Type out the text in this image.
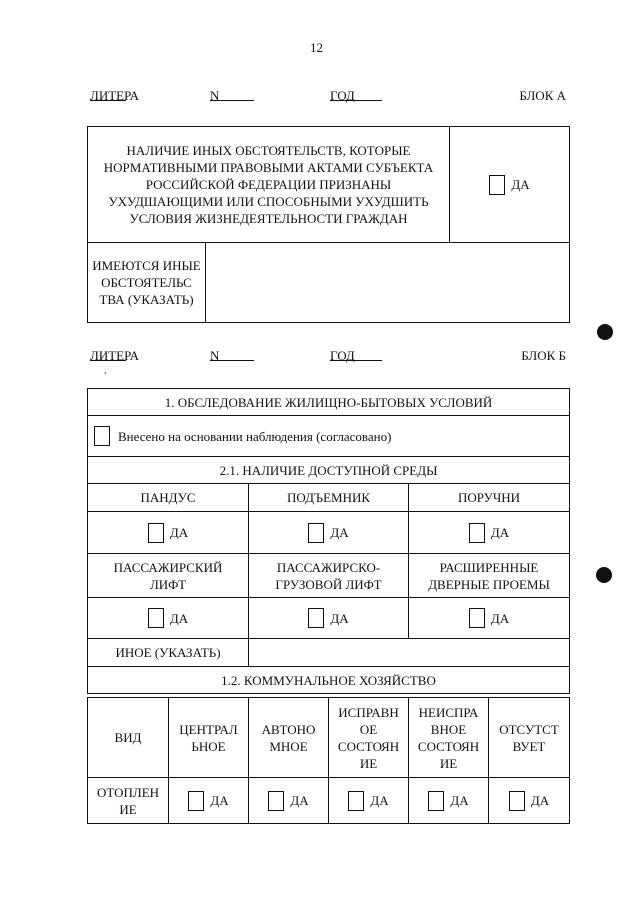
12
ЛИТЕРА	N	ГОД	БЛОК А
НАЛИЧИЕ ИНЫХ ОБСТОЯТЕЛЬСТВ, КОТОРЫЕ НОРМАТИВНЫМИ ПРАВОВЫМИ АКТАМИ СУБЪЕКТА РОССИЙСКОЙ ФЕДЕРАЦИИ ПРИЗНАНЫ УХУДШАЮЩИМИ ИЛИ СПОСОБНЫМИ УХУДШИТЬ УСЛОВИЯ ЖИЗНЕДЕЯТЕЛЬНОСТИ ГРАЖДАН		ДА
ИМЕЮТСЯ ИНЫЕ ОБСТОЯТЕЛЬС ТВА (УКАЗАТЬ)		
ЛИТЕРА	N	ГОД	БЛОК Б
,
1. ОБСЛЕДОВАНИЕ ЖИЛИЩНО-БЫТОВЫХ УСЛОВИЙ		
Внесено на основании наблюдения (согласовано)		
2.1. НАЛИЧИЕ ДОСТУПНОЙ СРЕДЫ		
ПАНДУС	ПОДЪЕМНИК	ПОРУЧНИ
ДА	ДА	ДА
ПАССАЖИРСКИЙ ЛИФТ	ПАССАЖИРСКО- ГРУЗОВОЙ ЛИФТ	РАСШИРЕННЫЕ ДВЕРНЫЕ ПРОЕМЫ
ДА	ДА	ДА
ИНОЕ (УКАЗАТЬ)		
1.2. КОММУНАЛЬНОЕ ХОЗЯЙСТВО		
ВИД	ЦЕНТРАЛ ЬНОЕ	АВТОНО МНОЕ	ИСПРАВН ОЕ СОСТОЯН ИЕ	НЕИСПРА ВНОЕ СОСТОЯН ИЕ	ОТСУТСТ ВУЕТ
ОТОПЛЕН ИЕ	ДА	ДА	ДА	ДА	ДА
